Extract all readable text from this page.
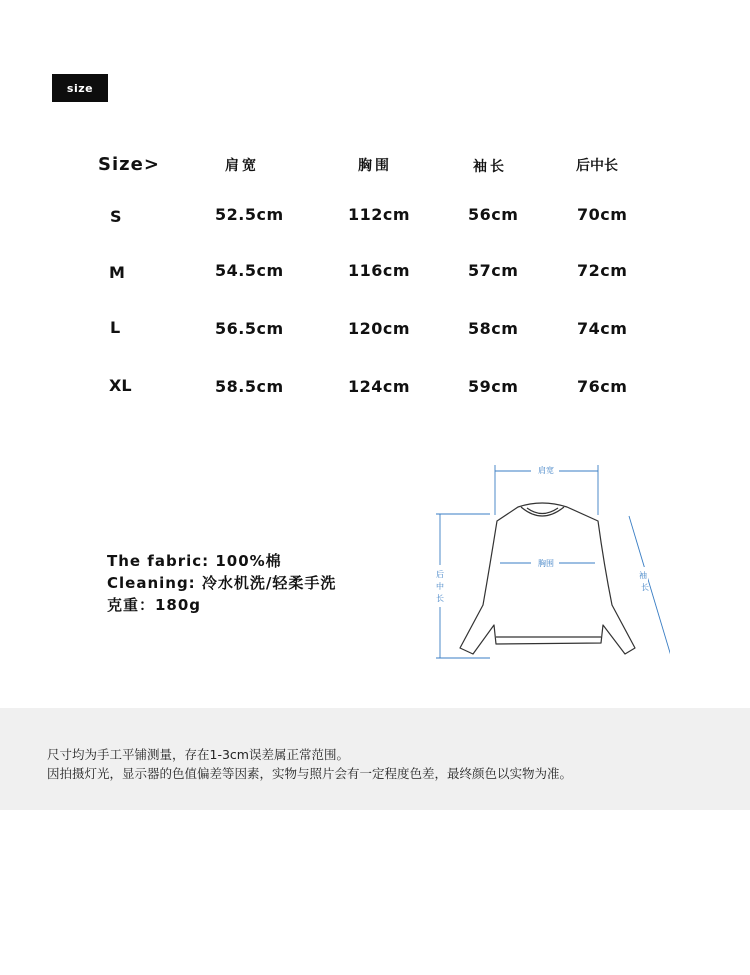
size
Size>	肩宽	胸围	袖长	后中长
S	52.5cm	112cm	56cm	70cm
M	54.5cm	116cm	57cm	72cm
L	56.5cm	120cm	58cm	74cm
XL	58.5cm	124cm	59cm	76cm
The fabric: 100%棉
Cleaning: 冷水机洗/轻柔手洗
克重：180g
肩宽
胸围
后
中
长
袖
长
尺寸均为手工平铺测量，存在1-3cm误差属正常范围。
因拍摄灯光，显示器的色值偏差等因素，实物与照片会有一定程度色差，最终颜色以实物为准。
